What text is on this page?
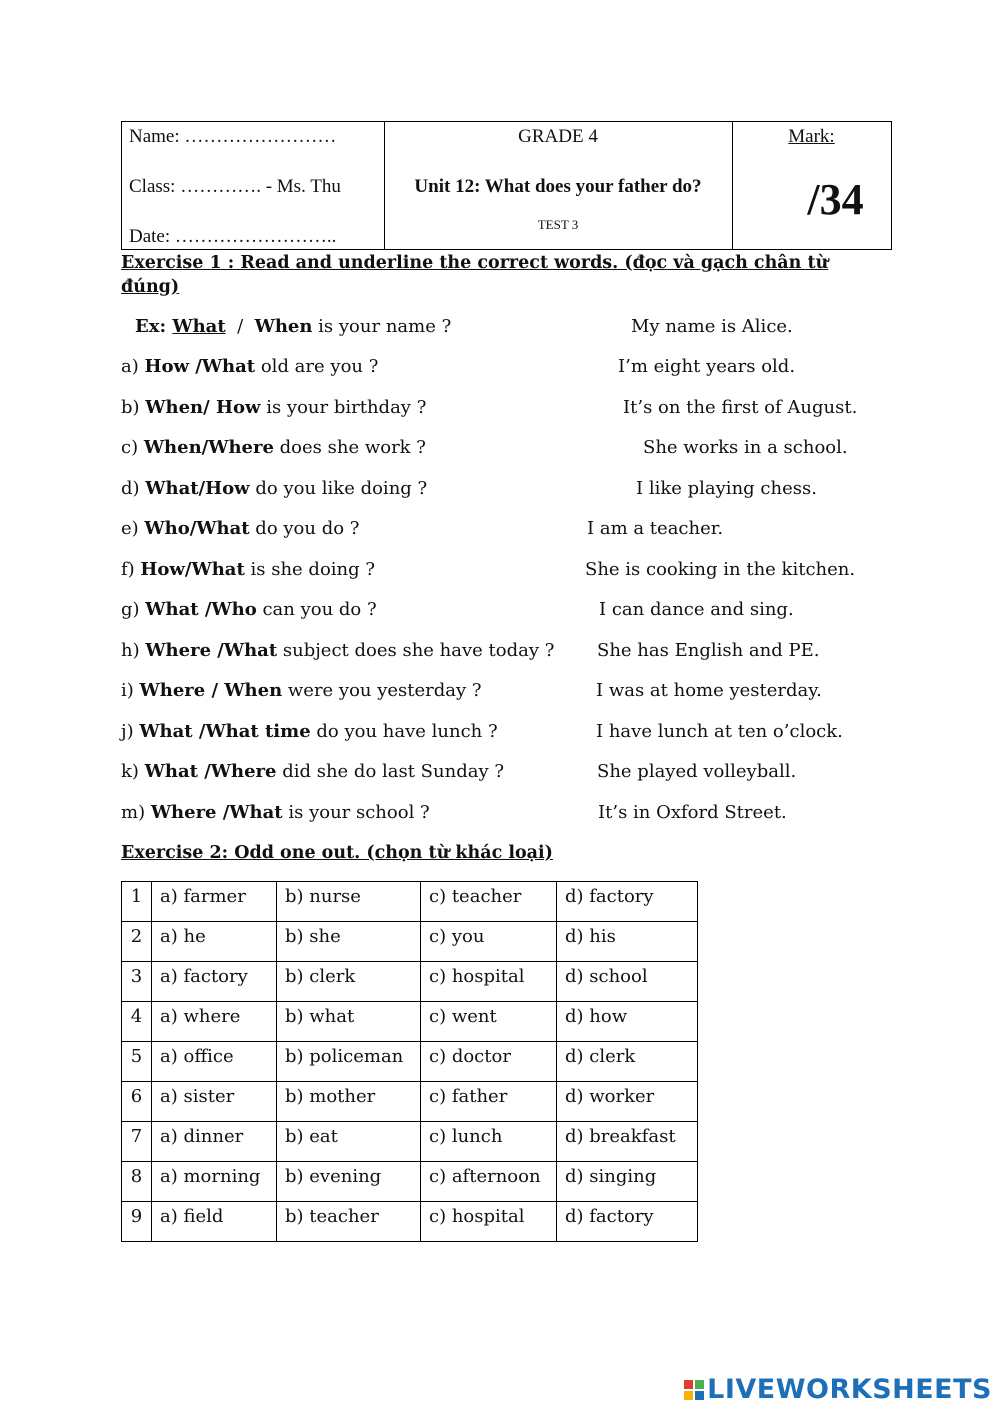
Name: ……………………
Class: …………. - Ms. Thu
Date: ……………………..
GRADE 4
Unit 12: What does your father do?
TEST 3
Mark:
/34
Exercise 1 : Read and underline the correct words. (đọc và gạch chân từ
đúng)
Ex: What  /  When is your name ?	My name is Alice.
a) How /What old are you ?	I’m eight years old.
b) When/ How is your birthday ?	It’s on the first of August.
c) When/Where does she work ?	She works in a school.
d) What/How do you like doing ?	I like playing chess.
e) Who/What do you do ?	I am a teacher.
f) How/What is she doing ?	She is cooking in the kitchen.
g) What /Who can you do ?	I can dance and sing.
h) Where /What subject does she have today ? She has English and PE.
i) Where / When were you yesterday ?	I was at home yesterday.
j) What /What time do you have lunch ?	I have lunch at ten o’clock.
k) What /Where did she do last Sunday ?	She played volleyball.
m) Where /What is your school ?	It’s in Oxford Street.
Exercise 2: Odd one out. (chọn từ khác loại)
1	a) farmer	b) nurse	c) teacher	d) factory
2	a) he	b) she	c) you	d) his
3	a) factory	b) clerk	c) hospital	d) school
4	a) where	b) what	c) went	d) how
5	a) office	b) policeman	c) doctor	d) clerk
6	a) sister	b) mother	c) father	d) worker
7	a) dinner	b) eat	c) lunch	d) breakfast
8	a) morning	b) evening	c) afternoon	d) singing
9	a) field	b) teacher	c) hospital	d) factory
LIVEWORKSHEETS
